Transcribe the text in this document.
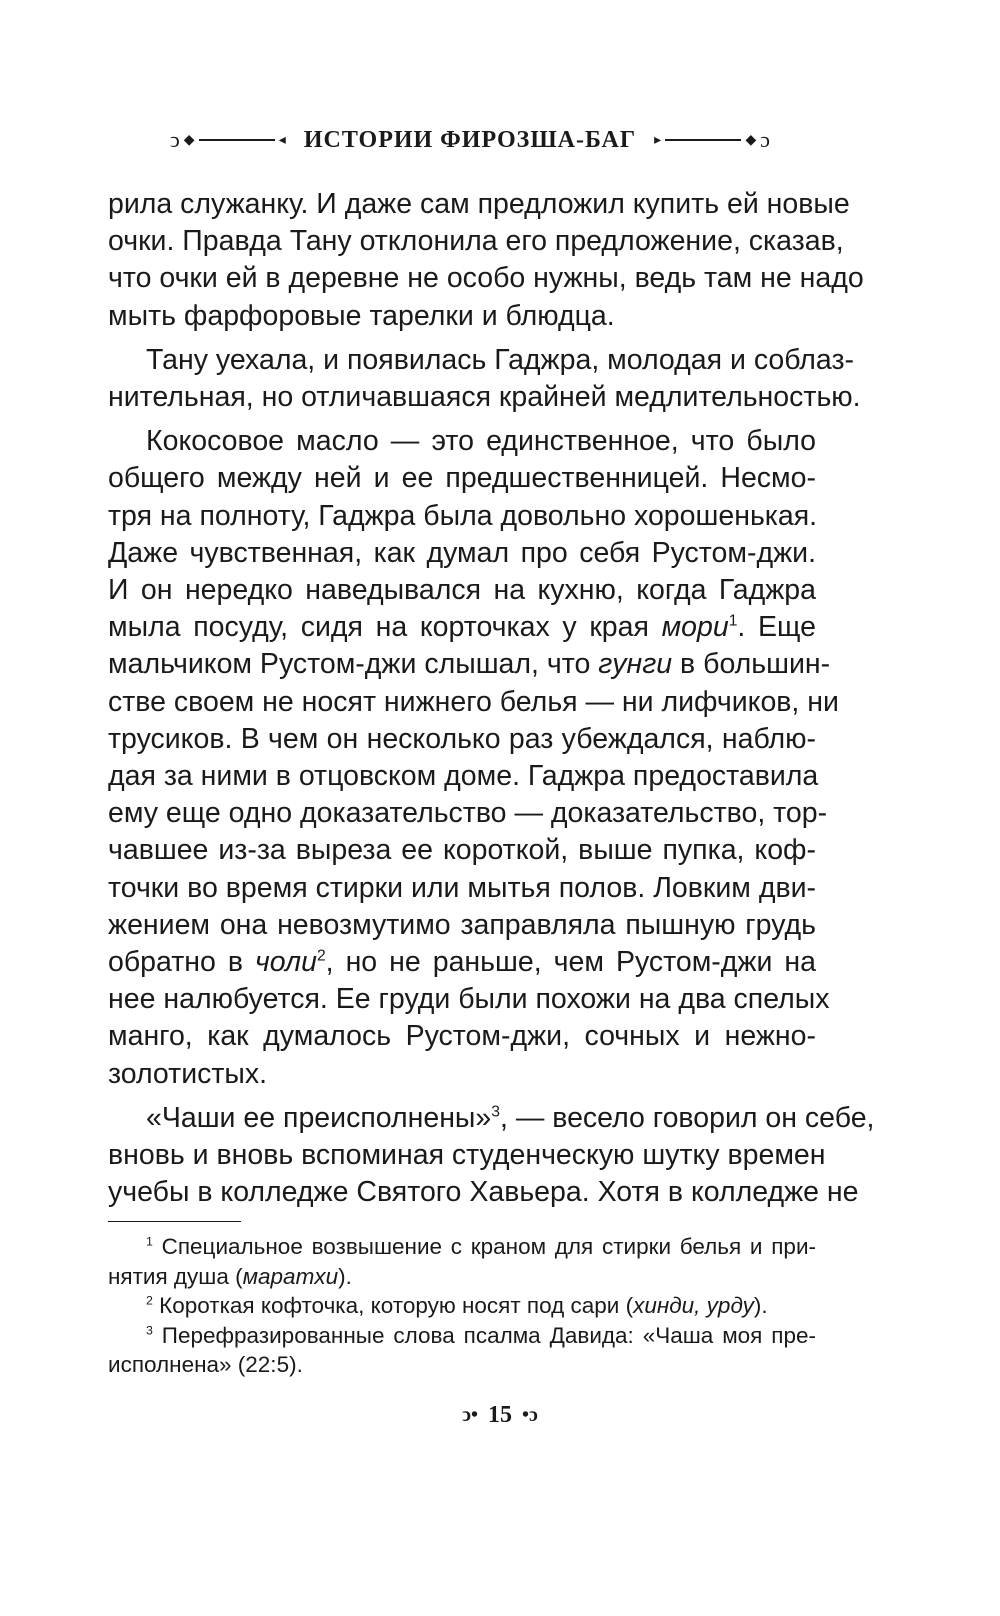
ↄ ◆	◂ ИСТОРИИ ФИРОЗША-БАГ ▸	◆ ɔ

рила служанку. И даже сам предложил купить ей новые
очки. Правда Тану отклонила его предложение, сказав,
что очки ей в деревне не особо нужны, ведь там не надо
мыть фарфоровые тарелки и блюдца.

Тану уехала, и появилась Гаджра, молодая и соблаз-
нительная, но отличавшаяся крайней медлительностью.

Кокосовое масло — это единственное, что было
общего между ней и ее предшественницей. Несмо-
тря на полноту, Гаджра была довольно хорошенькая.
Даже чувственная, как думал про себя Рустом-джи.
И он нередко наведывался на кухню, когда Гаджра
мыла посуду, сидя на корточках у края мори$^1$. Еще
мальчиком Рустом-джи слышал, что гунги в большин-
стве своем не носят нижнего белья — ни лифчиков, ни
трусиков. В чем он несколько раз убеждался, наблю-
дая за ними в отцовском доме. Гаджра предоставила
ему еще одно доказательство — доказательство, тор-
чавшее из-за выреза ее короткой, выше пупка, коф-
точки во время стирки или мытья полов. Ловким дви-
жением она невозмутимо заправляла пышную грудь
обратно в чоли$^2$, но не раньше, чем Рустом-джи на
нее налюбуется. Ее груди были похожи на два спелых
манго, как думалось Рустом-джи, сочных и нежно-
золотистых.

«Чаши ее преисполнены»$^3$, — весело говорил он себе,
вновь и вновь вспоминая студенческую шутку времен
учебы в колледже Святого Хавьера. Хотя в колледже не

$^1$ Специальное возвышение с краном для стирки белья и при-
нятия душа (маратхи).
$^2$ Короткая кофточка, которую носят под сари (хинди, урду).
$^3$ Перефразированные слова псалма Давида: «Чаша моя пре-
исполнена» (22:5).
ↄ• 15 •ɔ
